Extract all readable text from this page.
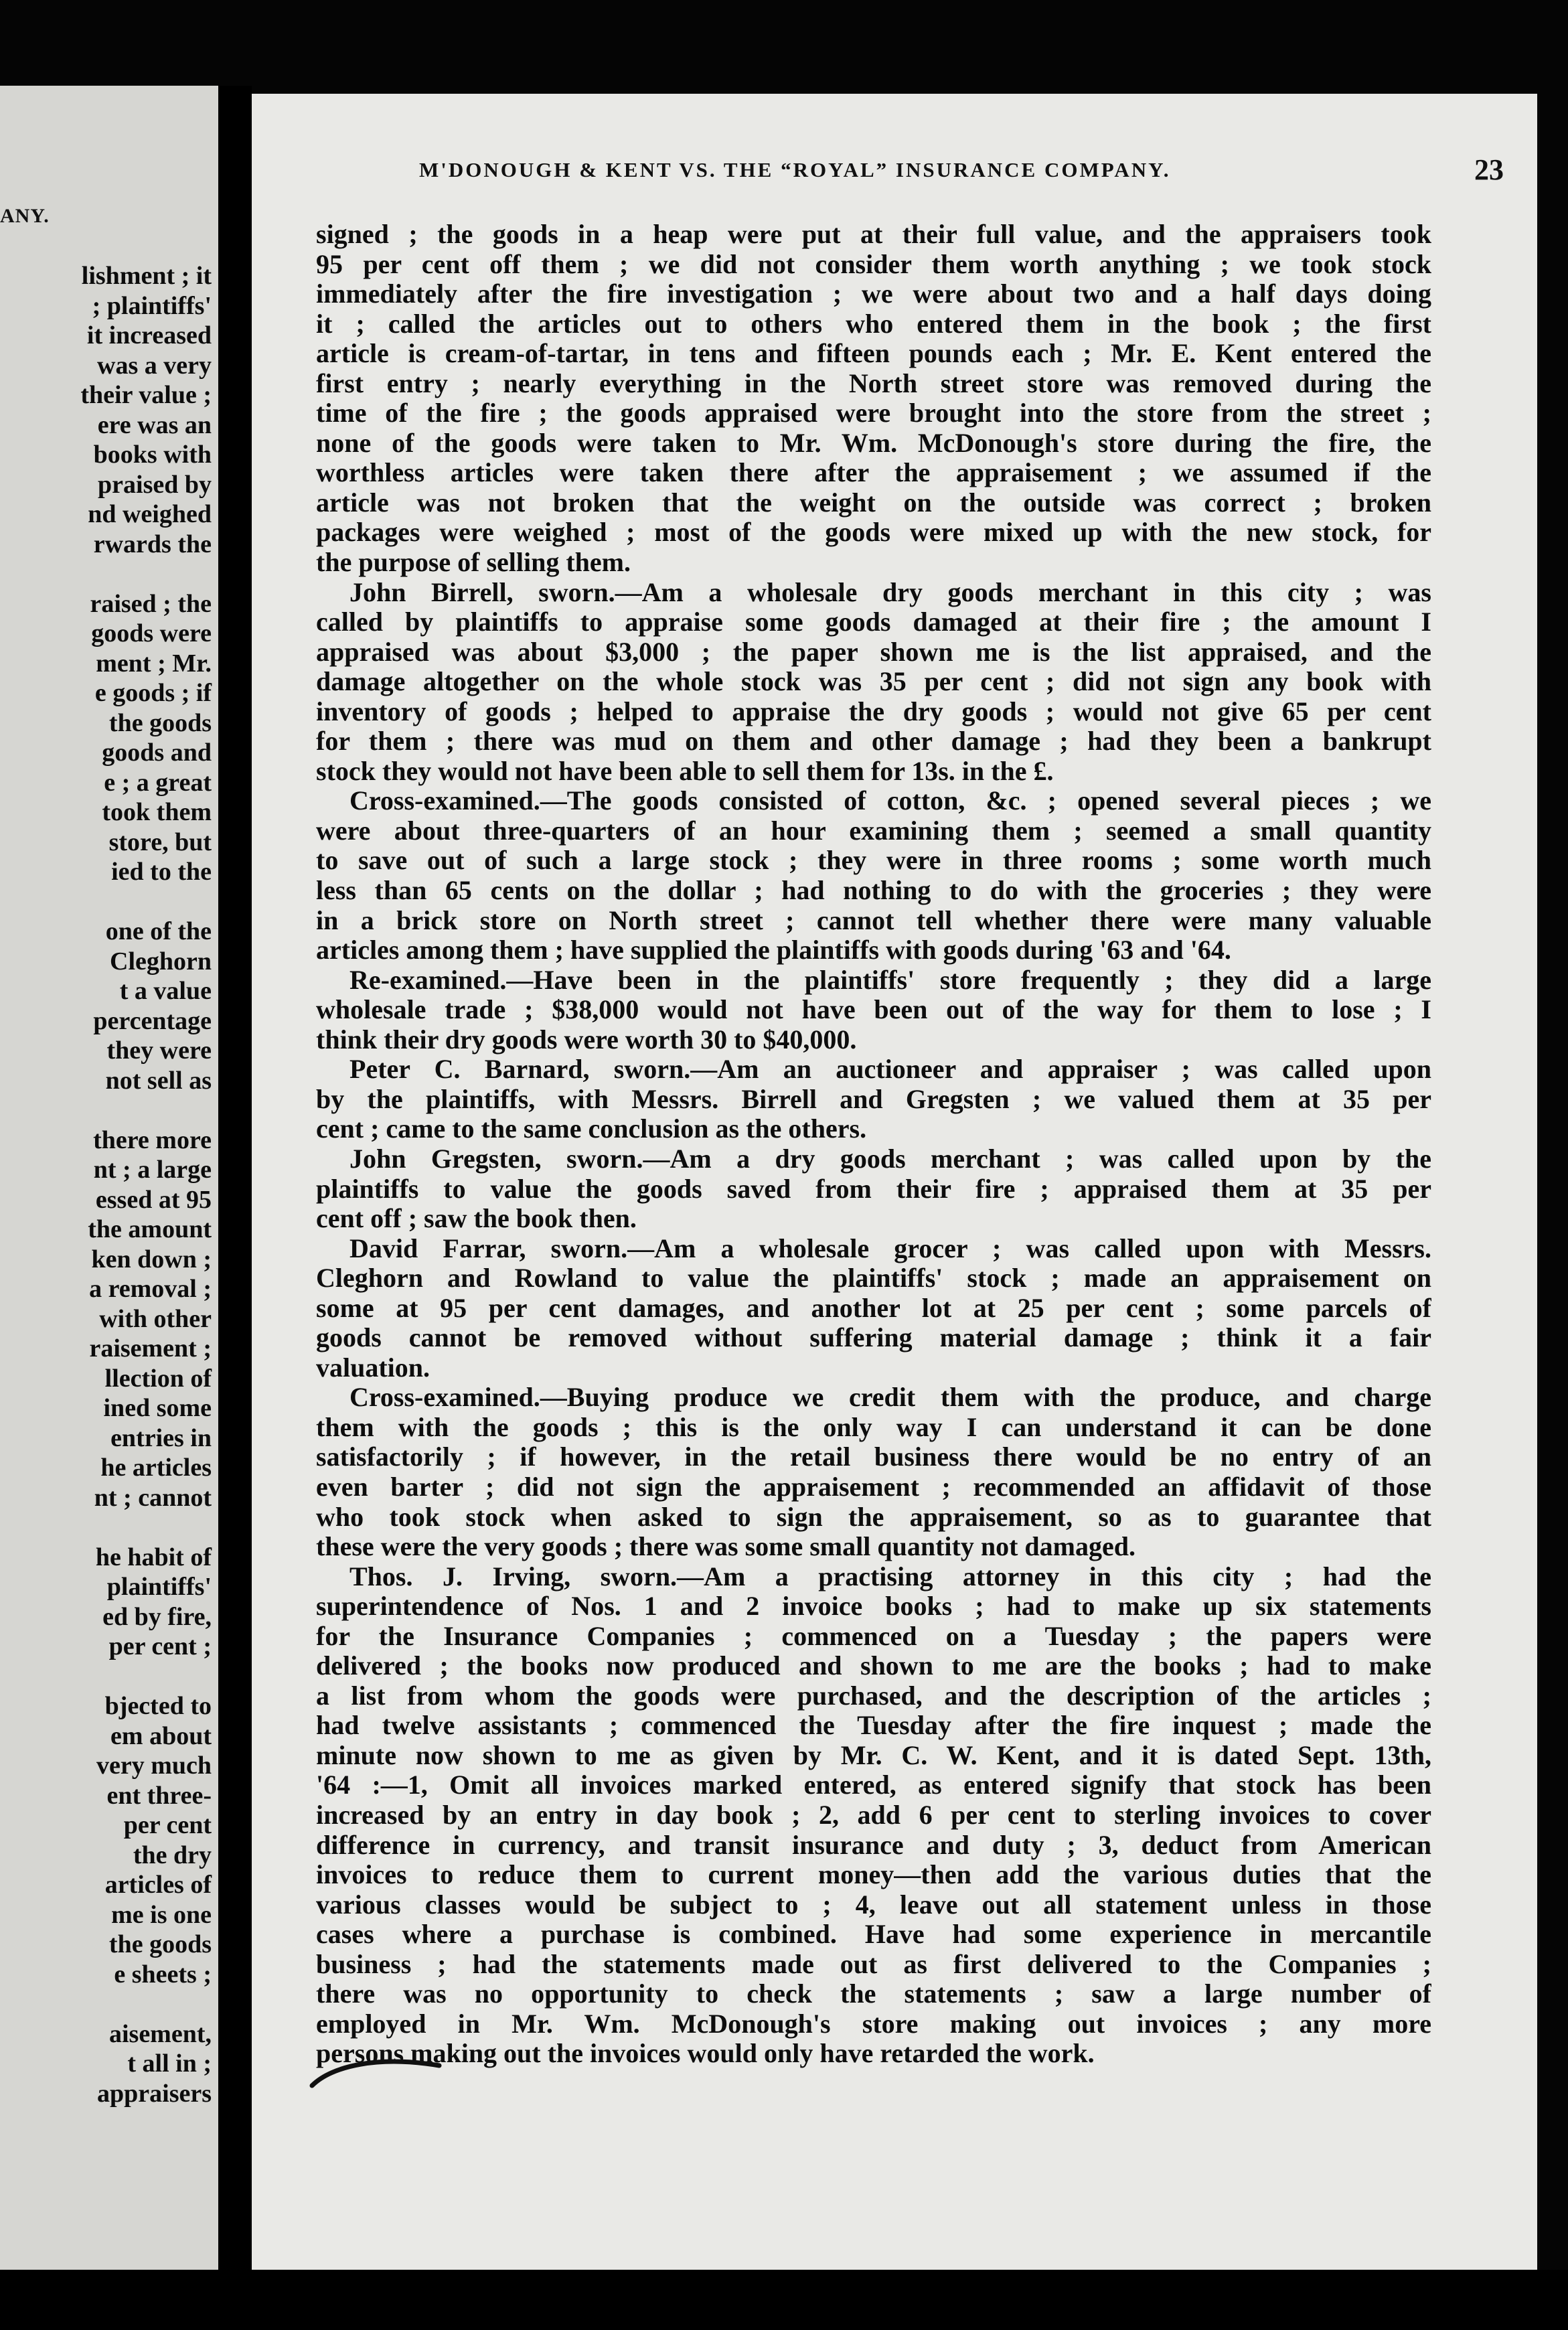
ANY.
lishment ; it
; plaintiffs'
it increased
was a very
their value ;
ere was an
books with
praised by
nd weighed
rwards the
raised ; the
goods were
ment ; Mr.
e goods ; if
the goods
goods and
e ; a great
took them
store, but
ied to the
one of the
Cleghorn
t a value
percentage
they were
not sell as
there more
nt ; a large
essed at 95
the amount
ken down ;
a removal ;
with other
raisement ;
llection of
ined some
entries in
he articles
nt ; cannot
he habit of
plaintiffs'
ed by fire,
per cent ;
bjected to
em about
very much
ent three-
per cent
the dry
articles of
me is one
the goods
e sheets ;
aisement,
t all in ;
appraisers
M'DONOUGH & KENT VS. THE “ROYAL” INSURANCE COMPANY.	23
signed ; the goods in a heap were put at their full value, and the appraisers took
95 per cent off them ; we did not consider them worth anything ; we took stock
immediately after the fire investigation ; we were about two and a half days doing
it ; called the articles out to others who entered them in the book ; the first
article is cream-of-tartar, in tens and fifteen pounds each ; Mr. E. Kent entered the
first entry ; nearly everything in the North street store was removed during the
time of the fire ; the goods appraised were brought into the store from the street ;
none of the goods were taken to Mr. Wm. McDonough's store during the fire, the
worthless articles were taken there after the appraisement ; we assumed if the
article was not broken that the weight on the outside was correct ; broken
packages were weighed ; most of the goods were mixed up with the new stock, for
the purpose of selling them.
John Birrell, sworn.—Am a wholesale dry goods merchant in this city ; was
called by plaintiffs to appraise some goods damaged at their fire ; the amount I
appraised was about $3,000 ; the paper shown me is the list appraised, and the
damage altogether on the whole stock was 35 per cent ; did not sign any book with
inventory of goods ; helped to appraise the dry goods ; would not give 65 per cent
for them ; there was mud on them and other damage ; had they been a bankrupt
stock they would not have been able to sell them for 13s. in the £.
Cross-examined.—The goods consisted of cotton, &c. ; opened several pieces ; we
were about three-quarters of an hour examining them ; seemed a small quantity
to save out of such a large stock ; they were in three rooms ; some worth much
less than 65 cents on the dollar ; had nothing to do with the groceries ; they were
in a brick store on North street ; cannot tell whether there were many valuable
articles among them ; have supplied the plaintiffs with goods during '63 and '64.
Re-examined.—Have been in the plaintiffs' store frequently ; they did a large
wholesale trade ; $38,000 would not have been out of the way for them to lose ; I
think their dry goods were worth 30 to $40,000.
Peter C. Barnard, sworn.—Am an auctioneer and appraiser ; was called upon
by the plaintiffs, with Messrs. Birrell and Gregsten ; we valued them at 35 per
cent ; came to the same conclusion as the others.
John Gregsten, sworn.—Am a dry goods merchant ; was called upon by the
plaintiffs to value the goods saved from their fire ; appraised them at 35 per
cent off ; saw the book then.
David Farrar, sworn.—Am a wholesale grocer ; was called upon with Messrs.
Cleghorn and Rowland to value the plaintiffs' stock ; made an appraisement on
some at 95 per cent damages, and another lot at 25 per cent ; some parcels of
goods cannot be removed without suffering material damage ; think it a fair
valuation.
Cross-examined.—Buying produce we credit them with the produce, and charge
them with the goods ; this is the only way I can understand it can be done
satisfactorily ; if however, in the retail business there would be no entry of an
even barter ; did not sign the appraisement ; recommended an affidavit of those
who took stock when asked to sign the appraisement, so as to guarantee that
these were the very goods ; there was some small quantity not damaged.
Thos. J. Irving, sworn.—Am a practising attorney in this city ; had the
superintendence of Nos. 1 and 2 invoice books ; had to make up six statements
for the Insurance Companies ; commenced on a Tuesday ; the papers were
delivered ; the books now produced and shown to me are the books ; had to make
a list from whom the goods were purchased, and the description of the articles ;
had twelve assistants ; commenced the Tuesday after the fire inquest ; made the
minute now shown to me as given by Mr. C. W. Kent, and it is dated Sept. 13th,
'64 :—1, Omit all invoices marked entered, as entered signify that stock has been
increased by an entry in day book ; 2, add 6 per cent to sterling invoices to cover
difference in currency, and transit insurance and duty ; 3, deduct from American
invoices to reduce them to current money—then add the various duties that the
various classes would be subject to ; 4, leave out all statement unless in those
cases where a purchase is combined. Have had some experience in mercantile
business ; had the statements made out as first delivered to the Companies ;
there was no opportunity to check the statements ; saw a large number of
employed in Mr. Wm. McDonough's store making out invoices ; any more
persons making out the invoices would only have retarded the work.
